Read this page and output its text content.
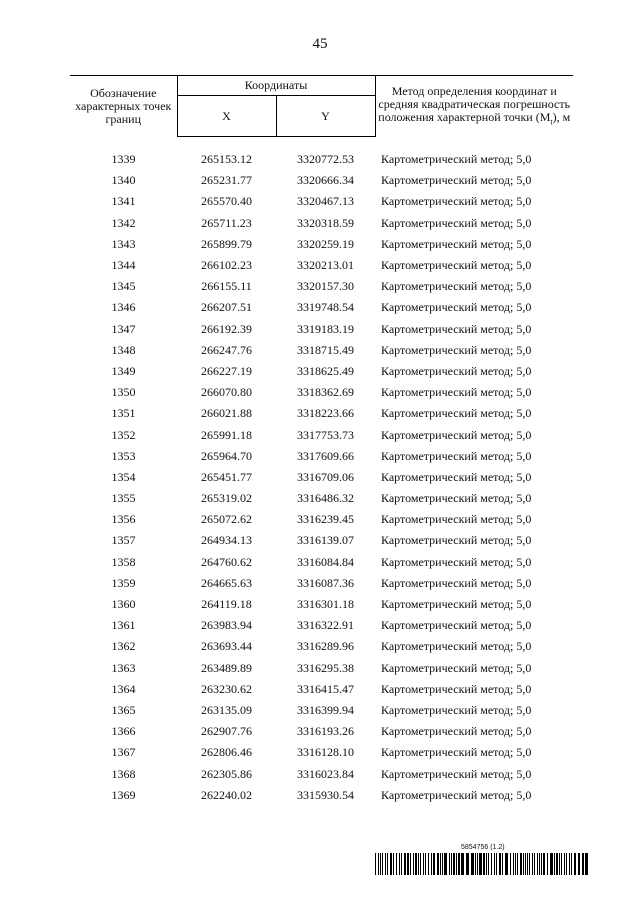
45
Обозначение характерных точек границ	Координаты		Метод определения координат и средняя квадратическая погрешность положения характерной точки $(M_t)$, м
	X	Y	
1339	265153.12	3320772.53	Картометрический метод; 5,0
1340	265231.77	3320666.34	Картометрический метод; 5,0
1341	265570.40	3320467.13	Картометрический метод; 5,0
1342	265711.23	3320318.59	Картометрический метод; 5,0
1343	265899.79	3320259.19	Картометрический метод; 5,0
1344	266102.23	3320213.01	Картометрический метод; 5,0
1345	266155.11	3320157.30	Картометрический метод; 5,0
1346	266207.51	3319748.54	Картометрический метод; 5,0
1347	266192.39	3319183.19	Картометрический метод; 5,0
1348	266247.76	3318715.49	Картометрический метод; 5,0
1349	266227.19	3318625.49	Картометрический метод; 5,0
1350	266070.80	3318362.69	Картометрический метод; 5,0
1351	266021.88	3318223.66	Картометрический метод; 5,0
1352	265991.18	3317753.73	Картометрический метод; 5,0
1353	265964.70	3317609.66	Картометрический метод; 5,0
1354	265451.77	3316709.06	Картометрический метод; 5,0
1355	265319.02	3316486.32	Картометрический метод; 5,0
1356	265072.62	3316239.45	Картометрический метод; 5,0
1357	264934.13	3316139.07	Картометрический метод; 5,0
1358	264760.62	3316084.84	Картометрический метод; 5,0
1359	264665.63	3316087.36	Картометрический метод; 5,0
1360	264119.18	3316301.18	Картометрический метод; 5,0
1361	263983.94	3316322.91	Картометрический метод; 5,0
1362	263693.44	3316289.96	Картометрический метод; 5,0
1363	263489.89	3316295.38	Картометрический метод; 5,0
1364	263230.62	3316415.47	Картометрический метод; 5,0
1365	263135.09	3316399.94	Картометрический метод; 5,0
1366	262907.76	3316193.26	Картометрический метод; 5,0
1367	262806.46	3316128.10	Картометрический метод; 5,0
1368	262305.86	3316023.84	Картометрический метод; 5,0
1369	262240.02	3315930.54	Картометрический метод; 5,0
5854756 (1.2)
